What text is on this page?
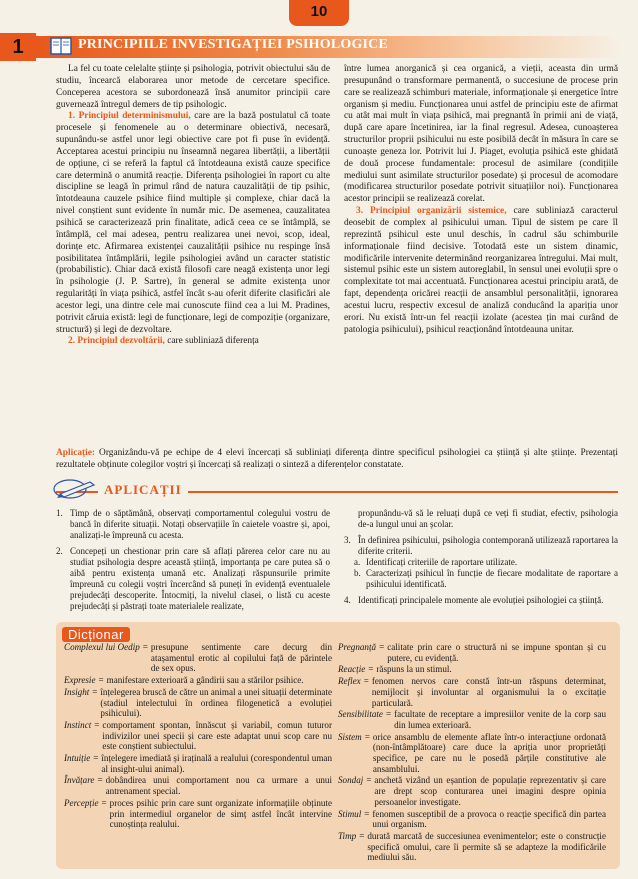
10
1	PRINCIPIILE INVESTIGAȚIEI PSIHOLOGICE

La fel cu toate celelalte științe și psihologia, potrivit obiectului său de studiu, încearcă elaborarea unor metode de cercetare specifice. Conceperea acestora se subordonează însă anumitor principii care guvernează întregul demers de tip psihologic.

1. Principiul determinismului, care are la bază postulatul că toate procesele și fenomenele au o determinare obiectivă, necesară, supunându-se astfel unor legi obiective care pot fi puse în evidență. Acceptarea acestui principiu nu înseamnă negarea libertății, a libertății de opțiune, ci se referă la faptul că întotdeauna există cauze specifice care determină o anumită reacție. Diferența psihologiei în raport cu alte discipline se leagă în primul rând de natura cauzalității de tip psihic, întotdeauna cauzele psihice fiind multiple și complexe, chiar dacă la nivel conștient sunt evidente în număr mic. De asemenea, cauzalitatea psihică se caracterizează prin finalitate, adică ceea ce se întâmplă, se întâmplă, cel mai adesea, pentru realizarea unei nevoi, scop, ideal, dorințe etc. Afirmarea existenței cauzalității psihice nu respinge însă posibilitatea întâmplării, legile psihologiei având un caracter statistic (probabilistic). Chiar dacă există filosofi care neagă existența unor legi în psihologie (J. P. Sartre), în general se admite existența unor regularități în viața psihică, astfel încât s-au oferit diferite clasificări ale acestor legi, una dintre cele mai cunoscute fiind cea a lui M. Pradines, potrivit căruia există: legi de funcționare, legi de compoziție (organizare, structură) și legi de dezvoltare.

2. Principiul dezvoltării, care subliniază diferența

între lumea anorganică și cea organică, a vieții, aceasta din urmă presupunând o transformare permanentă, o succesiune de procese prin care se realizează schimburi materiale, informaționale și energetice între organism și mediu. Funcționarea unui astfel de principiu este de afirmat cu atât mai mult în viața psihică, mai pregnantă în primii ani de viață, după care apare încetinirea, iar la final regresul. Adesea, cunoașterea structurilor proprii psihicului nu este posibilă decât în măsura în care se cunoaște geneza lor. Potrivit lui J. Piaget, evoluția psihică este ghidată de două procese fundamentale: procesul de asimilare (condițiile mediului sunt asimilate structurilor posedate) și procesul de acomodare (modificarea structurilor posedate potrivit situațiilor noi). Funcționarea acestor principii se realizează corelat.

3. Principiul organizării sistemice, care subliniază caracterul deosebit de complex al psihicului uman. Tipul de sistem pe care îl reprezintă psihicul este unul deschis, în cadrul său schimburile informaționale fiind decisive. Totodată este un sistem dinamic, modificările intervenite determinând reorganizarea întregului. Mai mult, sistemul psihic este un sistem autoreglabil, în sensul unei evoluții spre o complexitate tot mai accentuată. Funcționarea acestui principiu arată, de fapt, dependența oricărei reacții de ansamblul personalității, ignorarea acestui lucru, respectiv excesul de analiză conducând la apariția unor erori. Nu există într-un fel reacții izolate (acestea țin mai curând de patologia psihicului), psihicul reacționând întotdeauna unitar.

Aplicație: Organizându-vă pe echipe de 4 elevi încercați să subliniați diferența dintre specificul psihologiei ca știință și alte științe. Prezentați rezultatele obținute colegilor voștri și încercați să realizați o sinteză a diferențelor constatate.
APLICAȚII
1. Timp de o săptămână, observați comportamentul colegului vostru de bancă în diferite situații. Notați observațiile în caietele voastre și, apoi, analizați-le împreună cu acesta.
2. Concepeți un chestionar prin care să aflați părerea celor care nu au studiat psihologia despre această știință, importanța pe care putea să o aibă pentru existența umană etc. Analizați răspunsurile primite împreună cu colegii voștri încercând să puneți în evidență eventualele prejudecăți descoperite. Întocmiți, la nivelul clasei, o listă cu aceste prejudecăți și păstrați toate materialele realizate,
propunându-vă să le reluați după ce veți fi studiat, efectiv, psihologia de-a lungul unui an școlar.
3. În definirea psihicului, psihologia contemporană utilizează raportarea la diferite criterii.
a. Identificați criteriile de raportare utilizate.
b. Caracterizați psihicul în funcție de fiecare modalitate de raportare a psihicului identificată.
4. Identificați principalele momente ale evoluției psihologiei ca știință.
Dicționar
Complexul lui Oedip = presupune sentimente care decurg din atașamentul erotic al copilului față de părintele de sex opus.
Expresie = manifestare exterioară a gândirii sau a stărilor psihice.
Insight = înțelegerea bruscă de către un animal a unei situații determinate (stadiul intelectului în ordinea filogenetică a evoluției psihicului).
Instinct = comportament spontan, înnăscut și variabil, comun tuturor indivizilor unei specii și care este adaptat unui scop care nu este conștient subiectului.
Intuiție = înțelegere imediată și iraținală a realului (corespondentul uman al insight-ului animal).
Învățare = dobândirea unui comportament nou ca urmare a unui antrenament special.
Percepție = proces psihic prin care sunt organizate informațiile obținute prin intermediul organelor de simț astfel încât intervine cunoștința realului.
Pregnanță = calitate prin care o structură ni se impune spontan și cu putere, cu evidență.
Reacție = răspuns la un stimul.
Reflex = fenomen nervos care constă într-un răspuns determinat, nemijlocit și involuntar al organismului la o excitație particulară.
Sensibilitate = facultate de receptare a impresiilor venite de la corp sau din lumea exterioară.
Sistem = orice ansamblu de elemente aflate într-o interacțiune ordonată (non-întâmplătoare) care duce la apriția unor proprietăți specifice, pe care nu le posedă părțile constitutive ale ansamblului.
Sondaj = anchetă vizând un eșantion de populație reprezentativ și care are drept scop conturarea unei imagini despre opinia persoanelor investigate.
Stimul = fenomen susceptibil de a provoca o reacție specifică din partea unui organism.
Timp = durată marcată de succesiunea evenimentelor; este o construcție specifică omului, care îi permite să se adapteze la modificările mediului său.
